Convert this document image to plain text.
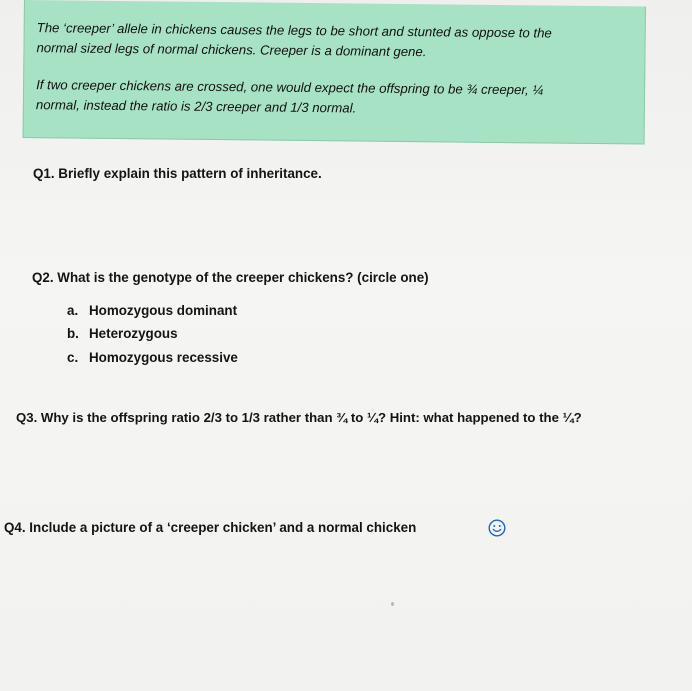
The ‘creeper’ allele in chickens causes the legs to be short and stunted as oppose to the
normal sized legs of normal chickens. Creeper is a dominant gene.
If two creeper chickens are crossed, one would expect the offspring to be ¾ creeper, ¼
normal, instead the ratio is 2/3 creeper and 1/3 normal.
Q1. Briefly explain this pattern of inheritance.
Q2. What is the genotype of the creeper chickens? (circle one)
a. Homozygous dominant
b. Heterozygous
c. Homozygous recessive
Q3. Why is the offspring ratio 2/3 to 1/3 rather than ¾ to ¼? Hint: what happened to the ¼?
Q4. Include a picture of a ‘creeper chicken’ and a normal chicken
